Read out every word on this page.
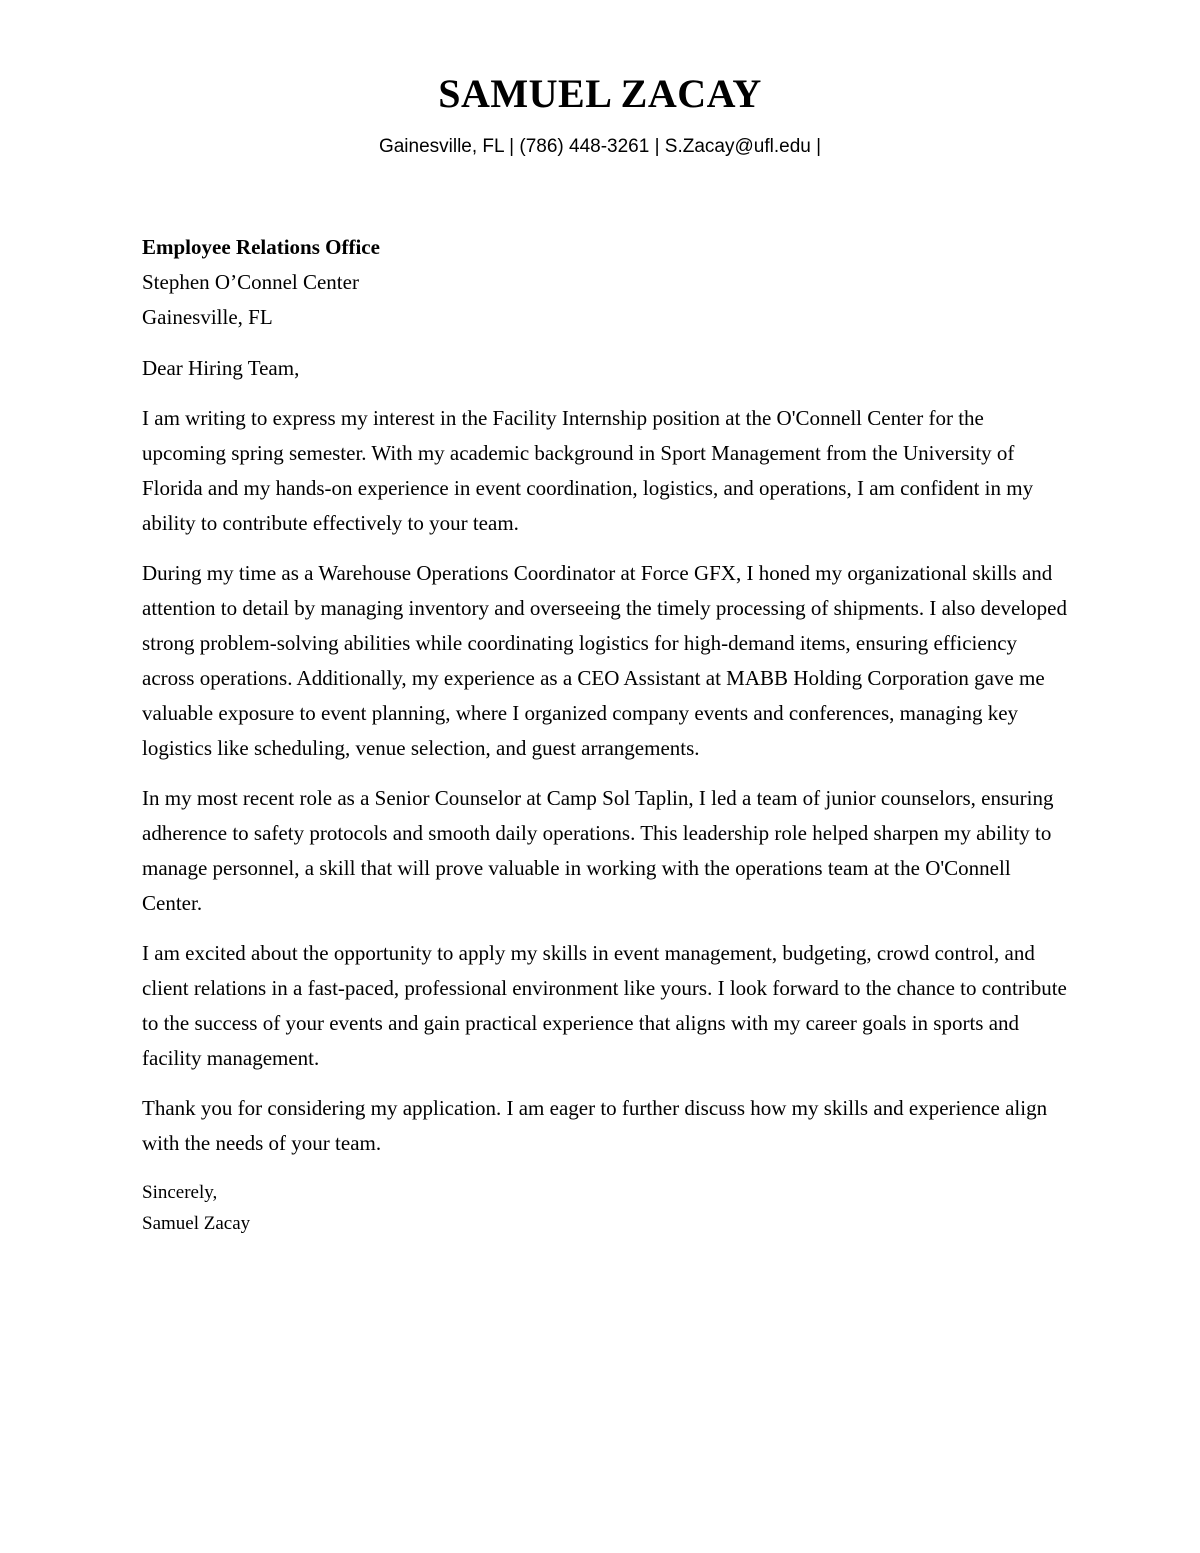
SAMUEL ZACAY
Gainesville, FL | (786) 448-3261 | S.Zacay@ufl.edu |
Employee Relations Office
Stephen O’Connel Center
Gainesville, FL
Dear Hiring Team,

I am writing to express my interest in the Facility Internship position at the O'Connell Center for the upcoming spring semester. With my academic background in Sport Management from the University of Florida and my hands-on experience in event coordination, logistics, and operations, I am confident in my ability to contribute effectively to your team.

During my time as a Warehouse Operations Coordinator at Force GFX, I honed my organizational skills and attention to detail by managing inventory and overseeing the timely processing of shipments. I also developed strong problem-solving abilities while coordinating logistics for high-demand items, ensuring efficiency across operations. Additionally, my experience as a CEO Assistant at MABB Holding Corporation gave me valuable exposure to event planning, where I organized company events and conferences, managing key logistics like scheduling, venue selection, and guest arrangements.

In my most recent role as a Senior Counselor at Camp Sol Taplin, I led a team of junior counselors, ensuring adherence to safety protocols and smooth daily operations. This leadership role helped sharpen my ability to manage personnel, a skill that will prove valuable in working with the operations team at the O'Connell Center.

I am excited about the opportunity to apply my skills in event management, budgeting, crowd control, and client relations in a fast-paced, professional environment like yours. I look forward to the chance to contribute to the success of your events and gain practical experience that aligns with my career goals in sports and facility management.

Thank you for considering my application. I am eager to further discuss how my skills and experience align with the needs of your team.

Sincerely,
Samuel Zacay
